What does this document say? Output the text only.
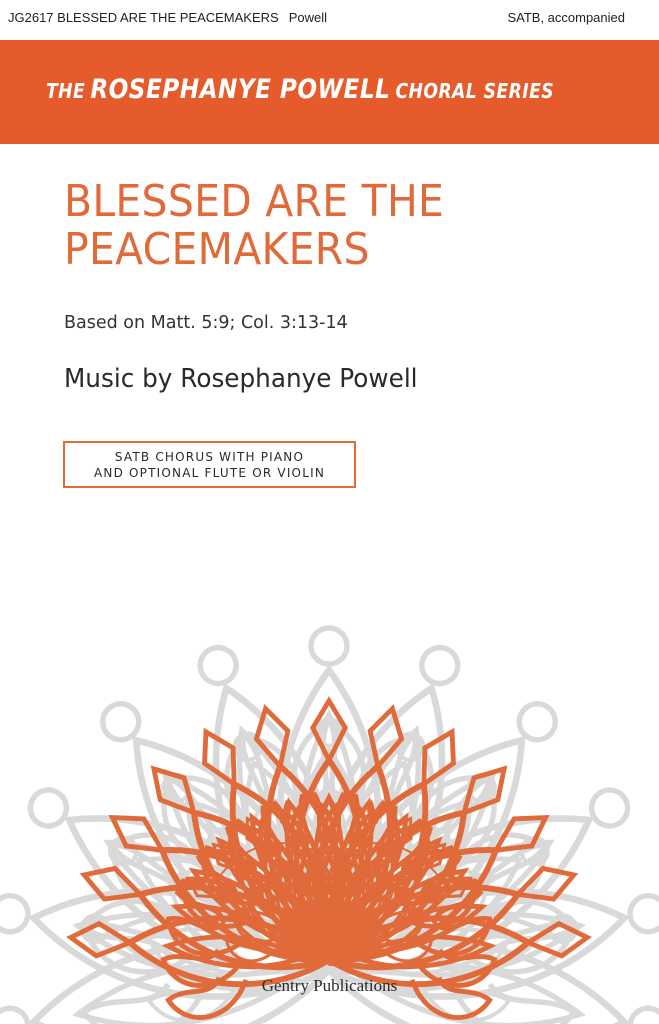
JG2617 BLESSED ARE THE PEACEMAKERS Powell	SATB, accompanied
THE ROSEPHANYE POWELL CHORAL SERIES
BLESSED ARE THE
PEACEMAKERS
Based on Matt. 5:9; Col. 3:13-14
Music by Rosephanye Powell
SATB CHORUS WITH PIANO
AND OPTIONAL FLUTE OR VIOLIN
Gentry Publications
